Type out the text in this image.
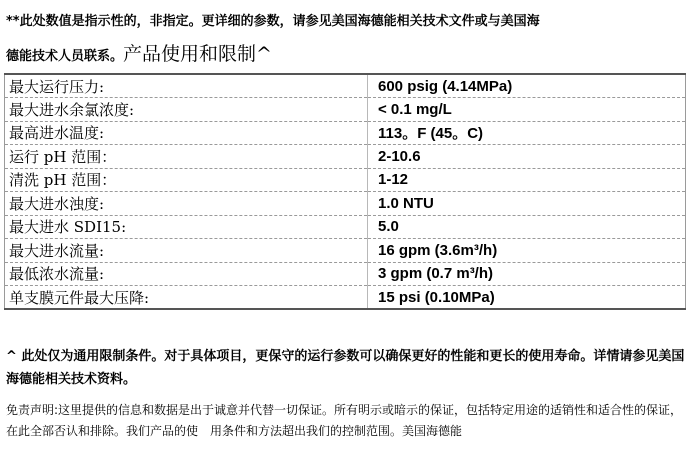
**此处数值是指示性的，非指定。更详细的参数，请参见美国海德能相关技术文件或与美国海
德能技术人员联系。产品使用和限制^
最大运行压力:	600 psig (4.14MPa)
最大进水余氯浓度:	< 0.1 mg/L
最高进水温度:	113。F (45。C)
运行 pH 范围：	2-10.6
清洗 pH 范围：	1-12
最大进水浊度:	1.0 NTU
最大进水 SDI15:	5.0
最大进水流量:	16 gpm (3.6m³/h)
最低浓水流量:	3 gpm (0.7 m³/h)
单支膜元件最大压降:	15 psi (0.10MPa)
^ 此处仅为通用限制条件。对于具体项目，更保守的运行参数可以确保更好的性能和更长的使用寿命。详情请参见美国海德能相关技术资料。
免责声明:这里提供的信息和数据是出于诚意并代替一切保证。所有明示或暗示的保证，包括特定用途的适销性和适合性的保证，在此全部否认和排除。我们产品的使　用条件和方法超出我们的控制范围。美国海德能
